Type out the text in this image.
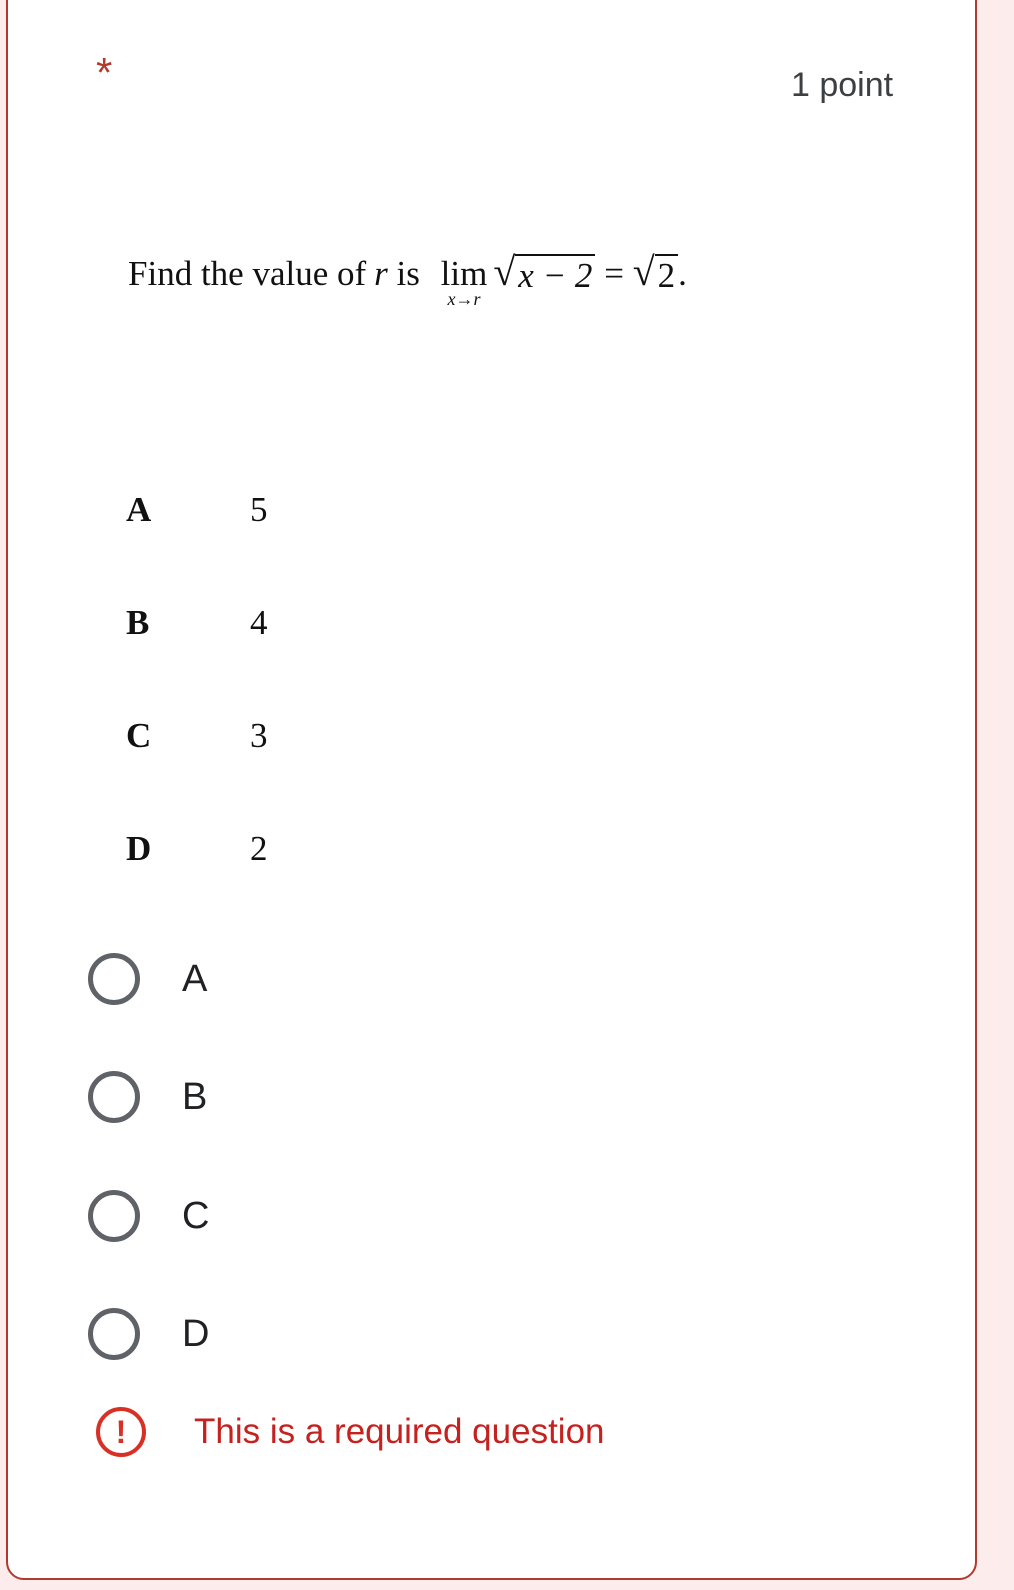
*	1 point
Find the value of r is lim
x→r
√ x − 2 = √ 2 .
A	5
B	4
C	3
D	2
A
B
C
D
!	This is a required question
